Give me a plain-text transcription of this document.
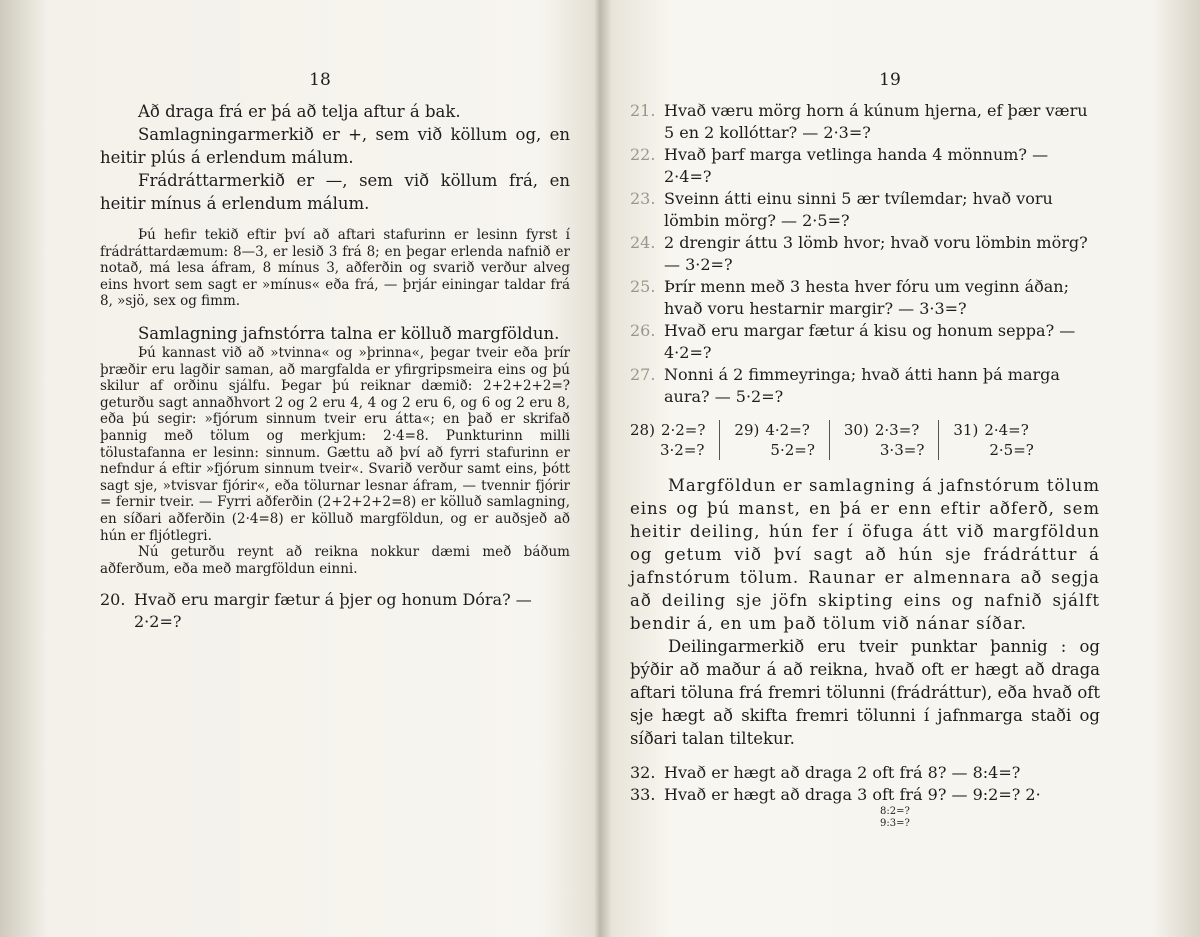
18

Að draga frá er þá að telja aftur á bak.

Samlagningarmerkið er +, sem við köllum og, en heitir plús á erlendum málum.

Frádráttarmerkið er —, sem við köllum frá, en heitir mínus á erlendum málum.

Þú hefir tekið eftir því að aftari stafurinn er lesinn fyrst í frádráttardæmum: 8—3, er lesið 3 frá 8; en þegar erlenda nafnið er notað, má lesa áfram, 8 mínus 3, aðferðin og svarið verður alveg eins hvort sem sagt er »mínus« eða frá, — þrjár einingar taldar frá 8, »sjö, sex og fimm.

Samlagning jafnstórra talna er kölluð margföldun.

Þú kannast við að »tvinna« og »þrinna«, þegar tveir eða þrír þræðir eru lagðir saman, að margfalda er yfirgripsmeira eins og þú skilur af orðinu sjálfu. Þegar þú reiknar dæmið: 2+2+2+2=? geturðu sagt annaðhvort 2 og 2 eru 4, 4 og 2 eru 6, og 6 og 2 eru 8, eða þú segir: »fjórum sinnum tveir eru átta«; en það er skrifað þannig með tölum og merkjum: 2·4=8. Punkturinn milli tölustafanna er lesinn: sinnum. Gættu að því að fyrri stafurinn er nefndur á eftir »fjórum sinnum tveir«. Svarið verður samt eins, þótt sagt sje, »tvisvar fjórir«, eða tölurnar lesnar áfram, — tvennir fjórir = fernir tveir. — Fyrri aðferðin (2+2+2+2=8) er kölluð samlagning, en síðari aðferðin (2·4=8) er kölluð margföldun, og er auðsjeð að hún er fljótlegri.

Nú geturðu reynt að reikna nokkur dæmi með báðum aðferðum, eða með margföldun einni.

20. Hvað eru margir fætur á þjer og honum Dóra? — 2·2=?
19
21. Hvað væru mörg horn á kúnum hjerna, ef þær væru 5 en 2 kollóttar? — 2·3=?
22. Hvað þarf marga vetlinga handa 4 mönnum? — 2·4=?
23. Sveinn átti einu sinni 5 ær tvílemdar; hvað voru lömbin mörg? — 2·5=?
24. 2 drengir áttu 3 lömb hvor; hvað voru lömbin mörg? — 3·2=?
25. Þrír menn með 3 hesta hver fóru um veginn áðan; hvað voru hestarnir margir? — 3·3=?
26. Hvað eru margar fætur á kisu og honum seppa? — 4·2=?
27. Nonni á 2 fimmeyringa; hvað átti hann þá marga aura? — 5·2=?
28) 2·2=?
3·2=?
29) 4·2=?
5·2=?
30) 2·3=?
3·3=?
31) 2·4=?
2·5=?

Margföldun er samlagning á jafnstórum tölum eins og þú manst, en þá er enn eftir aðferð, sem heitir deiling, hún fer í öfuga átt við margföldun og getum við því sagt að hún sje frádráttur á jafnstórum tölum. Raunar er almennara að segja að deiling sje jöfn skipting eins og nafnið sjálft bendir á, en um það tölum við nánar síðar.

Deilingarmerkið eru tveir punktar þannig : og þýðir að maður á að reikna, hvað oft er hægt að draga aftari töluna frá fremri tölunni (frádráttur), eða hvað oft sje hægt að skifta fremri tölunni í jafnmarga staði og síðari talan tiltekur.

32. Hvað er hægt að draga 2 oft frá 8? — 8:4=?
33. Hvað er hægt að draga 3 oft frá 9? — 9:2=? 2·
8:2=?
9:3=?
